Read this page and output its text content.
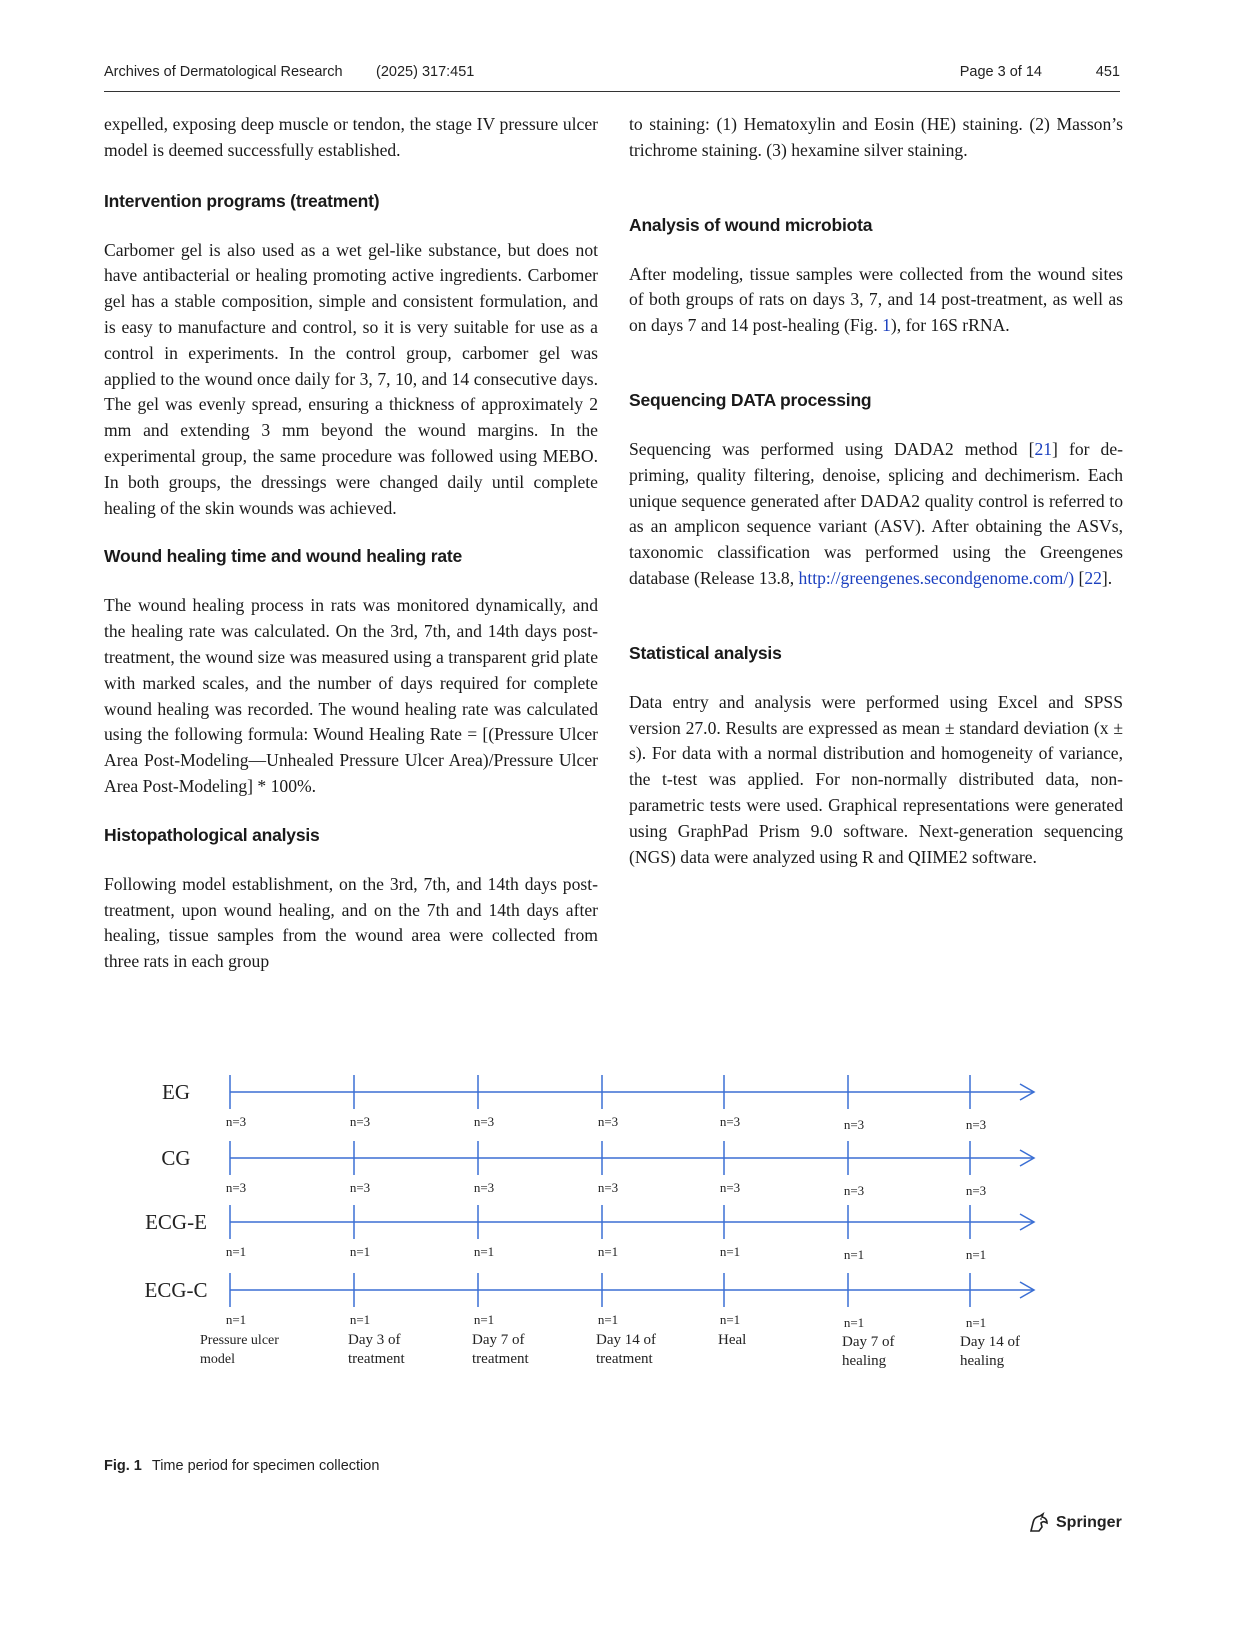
Archives of Dermatological Research (2025) 317:451	Page 3 of 14	451

expelled, exposing deep muscle or tendon, the stage IV pressure ulcer model is deemed successfully established.

Intervention programs (treatment)

Carbomer gel is also used as a wet gel-like substance, but does not have antibacterial or healing promoting active ingredients. Carbomer gel has a stable composition, simple and consistent formulation, and is easy to manufacture and control, so it is very suitable for use as a control in experiments. In the control group, carbomer gel was applied to the wound once daily for 3, 7, 10, and 14 consecutive days. The gel was evenly spread, ensuring a thickness of approximately 2 mm and extending 3 mm beyond the wound margins. In the experimental group, the same procedure was followed using MEBO. In both groups, the dressings were changed daily until complete healing of the skin wounds was achieved.

Wound healing time and wound healing rate

The wound healing process in rats was monitored dynamically, and the healing rate was calculated. On the 3rd, 7th, and 14th days post-treatment, the wound size was measured using a transparent grid plate with marked scales, and the number of days required for complete wound healing was recorded. The wound healing rate was calculated using the following formula: Wound Healing Rate = [(Pressure Ulcer Area Post-Modeling—Unhealed Pressure Ulcer Area)/Pressure Ulcer Area Post-Modeling] * 100%.

Histopathological analysis

Following model establishment, on the 3rd, 7th, and 14th days post-treatment, upon wound healing, and on the 7th and 14th days after healing, tissue samples from the wound area were collected from three rats in each group

to staining: (1) Hematoxylin and Eosin (HE) staining. (2) Masson’s trichrome staining. (3) hexamine silver staining.

Analysis of wound microbiota

After modeling, tissue samples were collected from the wound sites of both groups of rats on days 3, 7, and 14 post-treatment, as well as on days 7 and 14 post-healing (Fig. 1), for 16S rRNA.

Sequencing DATA processing

Sequencing was performed using DADA2 method [21] for de-priming, quality filtering, denoise, splicing and dechimerism. Each unique sequence generated after DADA2 quality control is referred to as an amplicon sequence variant (ASV). After obtaining the ASVs, taxonomic classification was performed using the Greengenes database (Release 13.8, http://greengenes.secondgenome.com/) [22].

Statistical analysis

Data entry and analysis were performed using Excel and SPSS version 27.0. Results are expressed as mean ± standard deviation (x ± s). For data with a normal distribution and homogeneity of variance, the t-test was applied. For non-normally distributed data, non-parametric tests were used. Graphical representations were generated using GraphPad Prism 9.0 software. Next-generation sequencing (NGS) data were analyzed using R and QIIME2 software.

EG
n=3	n=3	n=3	n=3	n=3	n=3	n=3
CG
n=3	n=3	n=3	n=3	n=3	n=3	n=3
ECG-E
n=1	n=1	n=1	n=1	n=1	n=1	n=1
ECG-C
n=1	n=1	n=1	n=1	n=1	n=1	n=1
Pressure ulcer
model
Day 3 of
treatment
Day 7 of
treatment
Day 14 of
treatment
Heal	Day 7 of
healing
Day 14 of
healing
Fig. 1 Time period for specimen collection
Springer
